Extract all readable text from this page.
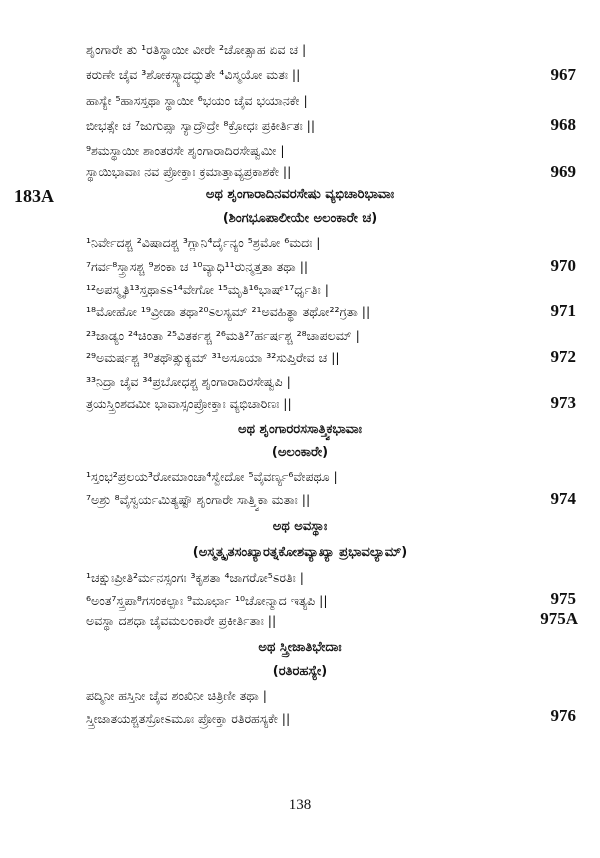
ಶೃಂಗಾರೇ ತು ¹ರತಿಸ್ಥಾಯೀ ವೀರೇ ²ಚೋತ್ಸಾಹ ಏವ ಚ |
ಕರುಣೇ ಚೈವ ³ಶೋಕಸ್ಸ್ಯಾದದ್ಭುತೇ ⁴ವಿಸ್ಮಯೋ ಮತಃ ||	967
ಹಾಸ್ಯೇ ⁵ಹಾಸಸ್ತಥಾ ಸ್ಥಾಯೀ ⁶ಭಯಂ ಚೈವ ಭಯಾನಕೇ |
ಬೀಭತ್ಸೇ ಚ ⁷ಜುಗುಪ್ಸಾ ಸ್ಯಾದ್ರೌದ್ರೇ ⁸ಕ್ರೋಧಃ ಪ್ರಕೀರ್ತಿತಃ ||	968
⁹ಶಮಸ್ಥಾಯೀ ಶಾಂತರಸೇ ಶೃಂಗಾರಾದಿರಸೇಷ್ವಮೀ |
ಸ್ಥಾಯಿಭಾವಾಃ ನವ ಪ್ರೋಕ್ತಾಃ ಕ್ರಮಾತ್ತಾವ್ಯಪ್ರಕಾಶಕೇ ||	969
183A	ಅಥ ಶೃಂಗಾರಾದಿನವರಸೇಷು ವ್ಯಭಿಚಾರಿಭಾವಾಃ
(ಶಿಂಗಭೂಪಾಲೀಯೇ ಅಲಂಕಾರೇ ಚ)
¹ನಿರ್ವೇದಶ್ಚ ²ವಿಷಾದಶ್ಚ ³ಗ್ಲಾನಿ⁴ರ್ದೈನ್ಯಂ ⁵ಶ್ರಮೋ ⁶ಮದಃ |
⁷ಗರ್ವ⁸ಸ್ತ್ರಾಸಶ್ಚ ⁹ಶಂಕಾ ಚ ¹⁰ವ್ಯಾಧಿ¹¹ರುನ್ಮತ್ತತಾ ತಥಾ ||	970
¹²ಅಪಸ್ಮೃತಿ¹³ಸ್ತಥಾಽಽ¹⁴ವೇಗೋ ¹⁵ಮೃತಿ¹⁶ಭಾಷ್¹⁷ರ್ಧೃತಿಃ |
¹⁸ಮೋಹೋ ¹⁹ವ್ರೀಡಾ ತಥಾ²⁰ಽಲಸ್ಯಮ್ ²¹ಅವಹಿತ್ಥಾ ತಥೋ²²ಗ್ರತಾ ||	971
²³ಜಾಡ್ಯಂ ²⁴ಚಿಂತಾ ²⁵ವಿತರ್ಕಶ್ಚ ²⁶ಮತಿ²⁷ರ್ಹರ್ಷಶ್ಚ ²⁸ಚಾಪಲಮ್ |
²⁹ಅಮರ್ಷಶ್ಚ ³⁰ತಥೌತ್ಸುಕ್ಯಮ್ ³¹ಅಸೂಯಾ ³²ಸುಪ್ತಿರೇವ ಚ ||	972
³³ನಿದ್ರಾ ಚೈವ ³⁴ಪ್ರಬೋಧಶ್ಚ ಶೃಂಗಾರಾದಿರಸೇಷ್ವಪಿ |
ತ್ರಯಸ್ತ್ರಿಂಶದಮೀ ಭಾವಾಸ್ಸಂಪ್ರೋಕ್ತಾಃ ವ್ಯಭಿಚಾರಿಣಃ ||	973
ಅಥ ಶೃಂಗಾರರಸಸಾತ್ತ್ವಿಕಭಾವಾಃ
(ಅಲಂಕಾರೇ)
¹ಸ್ತಂಭ²ಪ್ರಲಯ³ರೋಮಾಂಚಾ⁴ಸ್ವೇದೋ ⁵ವೈವರ್ಣ್ಯ⁶ವೇಪಥೂ |
⁷ಅಶ್ರು ⁸ವೈಸ್ವರ್ಯಮಿತ್ಯಷ್ಟೌ ಶೃಂಗಾರೇ ಸಾತ್ತ್ವಿಕಾ ಮತಾಃ ||	974
ಅಥ ಅವಸ್ಥಾಃ
(ಅಸ್ಮತ್ಕೃತಸಂಖ್ಯಾರತ್ನಕೋಶವ್ಯಾಖ್ಯಾ ಪ್ರಭಾವಲ್ಯಾಮ್)
¹ಚಕ್ಷುಃಪ್ರೀತಿ²ರ್ಮನಸ್ಸಂಗಃ ³ಕೃಶತಾ ⁴ಜಾಗರೋ⁵ಽರತಿಃ |
⁶ಅಂತ⁷ಸ್ತ್ರಪಾ⁸ಗಸಂಕಲ್ಪಾಃ ⁹ಮೂರ್ಛಾ ¹⁰ಚೋನ್ಮಾದ ಇತ್ಯಪಿ ||	975
ಅವಸ್ಥಾ ದಶಧಾ ಚೈವಮಲಂಕಾರೇ ಪ್ರಕೀರ್ತಿತಾಃ ||	975A
ಅಥ ಸ್ತ್ರೀಜಾತಿಭೇದಾಃ
(ರತಿರಹಸ್ಯೇ)
ಪದ್ಮಿನೀ ಹಸ್ತಿನೀ ಚೈವ ಶಂಖಿನೀ ಚಿತ್ರಿಣೀ ತಥಾ |
ಸ್ತ್ರೀಜಾತಯಶ್ಚತಸ್ರೋಽಮೂಃ ಪ್ರೋಕ್ತಾ ರತಿರಹಸ್ಯಕೇ ||	976
138
